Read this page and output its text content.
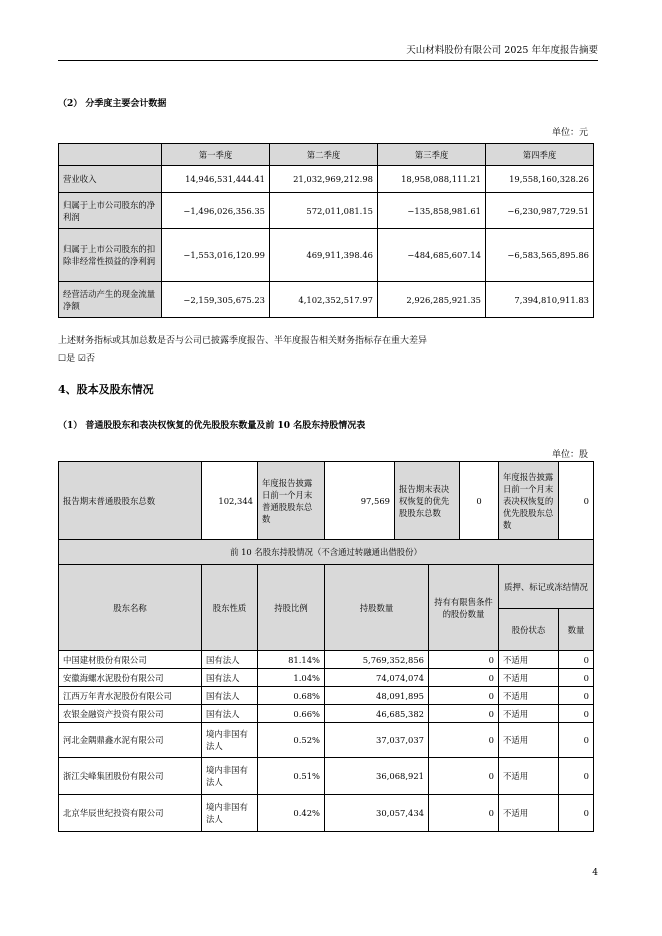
天山材料股份有限公司 2025 年年度报告摘要
（2） 分季度主要会计数据
单位：元
	第一季度	第二季度	第三季度	第四季度
营业收入	14,946,531,444.41	21,032,969,212.98	18,958,088,111.21	19,558,160,328.26
归属于上市公司股东的净利润	−1,496,026,356.35	572,011,081.15	−135,858,981.61	−6,230,987,729.51
归属于上市公司股东的扣除非经常性损益的净利润	−1,553,016,120.99	469,911,398.46	−484,685,607.14	−6,583,565,895.86
经营活动产生的现金流量净额	−2,159,305,675.23	4,102,352,517.97	2,926,285,921.35	7,394,810,911.83
上述财务指标或其加总数是否与公司已披露季度报告、半年度报告相关财务指标存在重大差异
☐是 ☑否
4、股本及股东情况
（1） 普通股股东和表决权恢复的优先股股东数量及前 10 名股东持股情况表
单位：股
报告期末普通股股东总数	102,344	年度报告披露日前一个月末普通股股东总数	97,569	报告期末表决权恢复的优先股股东总数		0	年度报告披露日前一个月末表决权恢复的优先股股东总数	0
前 10 名股东持股情况（不含通过转融通出借股份）								
股东名称	股东性质	持股比例	持股数量		持有有限售条件的股份数量		质押、标记或冻结情况	
							股份状态	数量
中国建材股份有限公司	国有法人	81.14%	5,769,352,856		0		不适用	0
安徽海螺水泥股份有限公司	国有法人	1.04%	74,074,074		0		不适用	0
江西万年青水泥股份有限公司	国有法人	0.68%	48,091,895		0		不适用	0
农银金融资产投资有限公司	国有法人	0.66%	46,685,382		0		不适用	0
河北金隅鼎鑫水泥有限公司	境内非国有法人	0.52%	37,037,037		0		不适用	0
浙江尖峰集团股份有限公司	境内非国有法人	0.51%	36,068,921		0		不适用	0
北京华辰世纪投资有限公司	境内非国有法人	0.42%	30,057,434		0		不适用	0
4
